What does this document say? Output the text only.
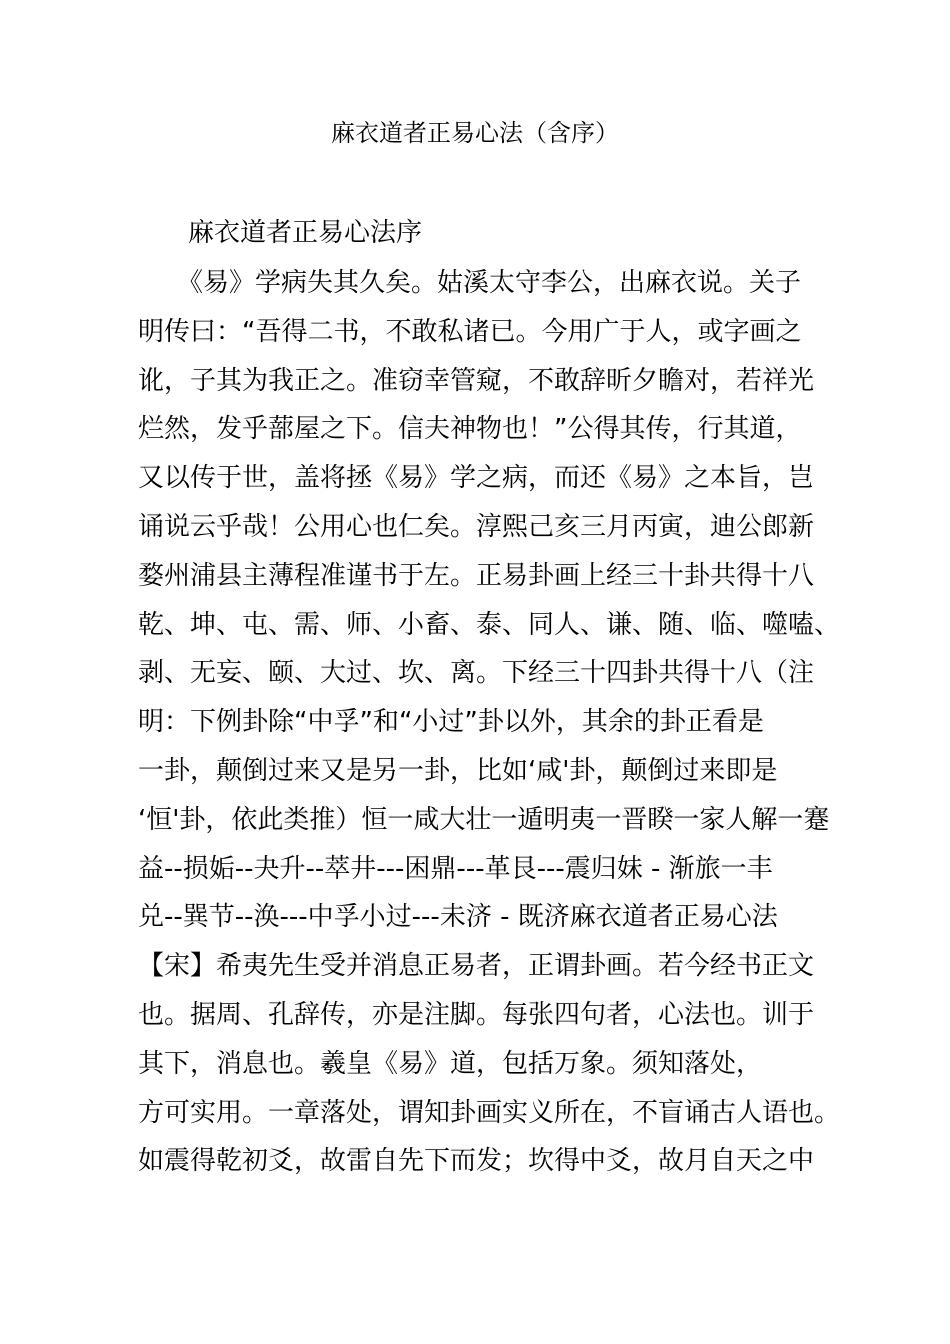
麻衣道者正易心法（含序）
麻衣道者正易心法序
　　《易》学病失其久矣。姑溪太守李公，出麻衣说。关子
明传曰：“吾得二书，不敢私诸已。今用广于人，或字画之
讹，子其为我正之。准窃幸管窥，不敢辞昕夕瞻对，若祥光
烂然，发乎蔀屋之下。信夫神物也！”公得其传，行其道，
又以传于世，盖将拯《易》学之病，而还《易》之本旨，岂
诵说云乎哉！公用心也仁矣。淳熙己亥三月丙寅，迪公郎新
婺州浦县主薄程准谨书于左。正易卦画上经三十卦共得十八
乾、坤、屯、需、师、小畜、泰、同人、谦、随、临、噬嗑、
剥、无妄、颐、大过、坎、离。下经三十四卦共得十八（注
明：下例卦除“中孚”和“小过”卦以外，其余的卦正看是
一卦，颠倒过来又是另一卦，比如‘咸'卦，颠倒过来即是
‘恒'卦，依此类推）恒一咸大壮一遁明夷一晋睽一家人解一蹇
益--损姤--夬升--萃井---困鼎---革艮---震归妹 - 渐旅一丰
兑--巽节--涣---中孚小过---未济 - 既济麻衣道者正易心法
【宋】希夷先生受并消息正易者，正谓卦画。若今经书正文
也。据周、孔辞传，亦是注脚。每张四句者，心法也。训于
其下，消息也。羲皇《易》道，包括万象。须知落处，
方可实用。一章落处，谓知卦画实义所在，不盲诵古人语也。
如震得乾初爻，故雷自先下而发；坎得中爻，故月自天之中
